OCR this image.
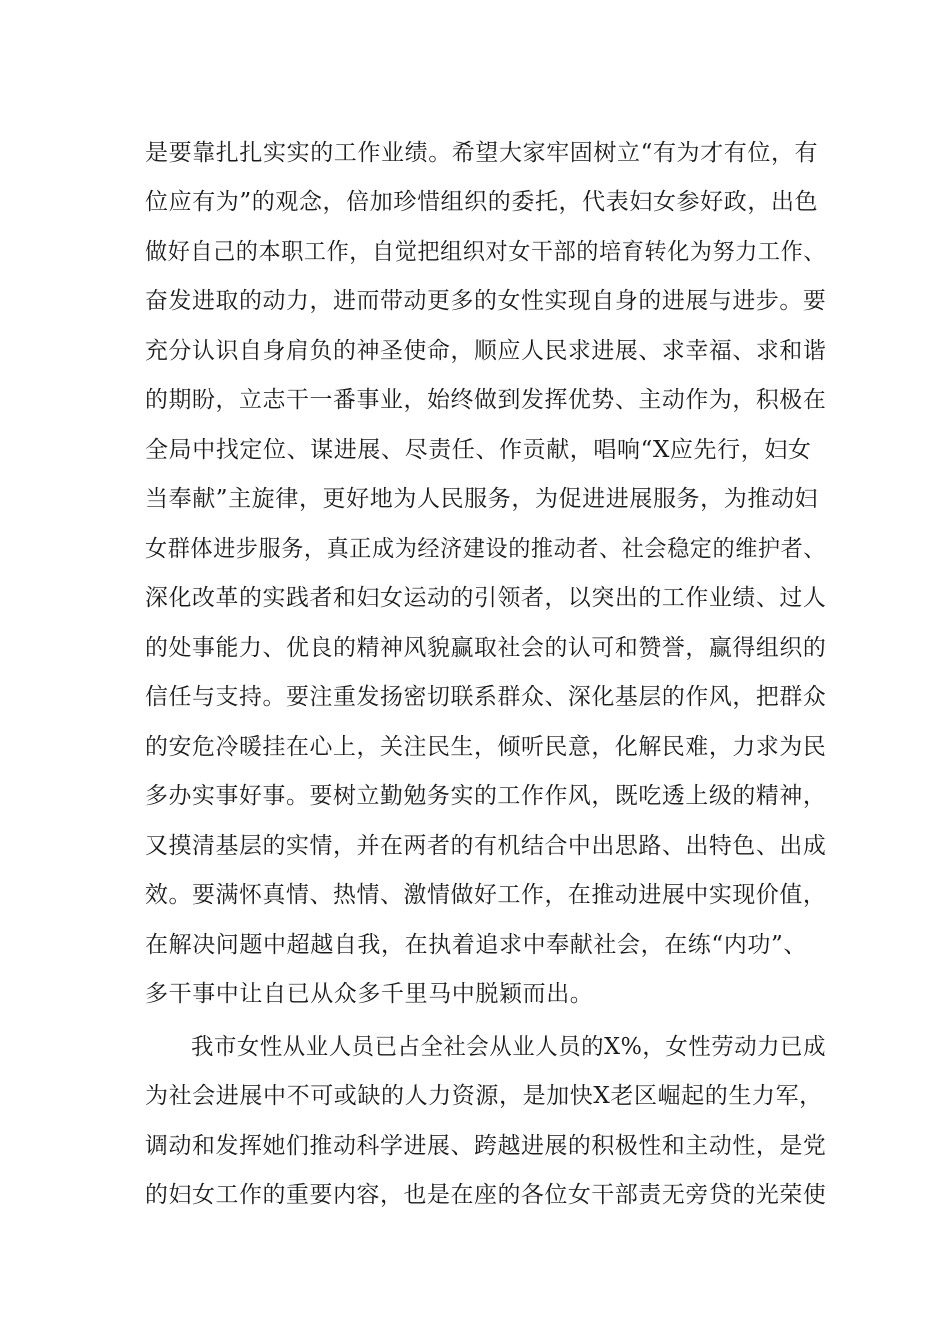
是要靠扎扎实实的工作业绩。希望大家牢固树立“有为才有位，有
位应有为”的观念，倍加珍惜组织的委托，代表妇女参好政，出色
做好自己的本职工作，自觉把组织对女干部的培育转化为努力工作、
奋发进取的动力，进而带动更多的女性实现自身的进展与进步。要
充分认识自身肩负的神圣使命，顺应人民求进展、求幸福、求和谐
的期盼，立志干一番事业，始终做到发挥优势、主动作为，积极在
全局中找定位、谋进展、尽责任、作贡献，唱响“X应先行，妇女
当奉献”主旋律，更好地为人民服务，为促进进展服务，为推动妇
女群体进步服务，真正成为经济建设的推动者、社会稳定的维护者、
深化改革的实践者和妇女运动的引领者，以突出的工作业绩、过人
的处事能力、优良的精神风貌赢取社会的认可和赞誉，赢得组织的
信任与支持。要注重发扬密切联系群众、深化基层的作风，把群众
的安危冷暖挂在心上，关注民生，倾听民意，化解民难，力求为民
多办实事好事。要树立勤勉务实的工作作风，既吃透上级的精神，
又摸清基层的实情，并在两者的有机结合中出思路、出特色、出成
效。要满怀真情、热情、激情做好工作，在推动进展中实现价值，
在解决问题中超越自我，在执着追求中奉献社会，在练“内功”、
多干事中让自已从众多千里马中脱颖而出。
我市女性从业人员已占全社会从业人员的X%，女性劳动力已成
为社会进展中不可或缺的人力资源，是加快X老区崛起的生力军，
调动和发挥她们推动科学进展、跨越进展的积极性和主动性，是党
的妇女工作的重要内容，也是在座的各位女干部责无旁贷的光荣使
